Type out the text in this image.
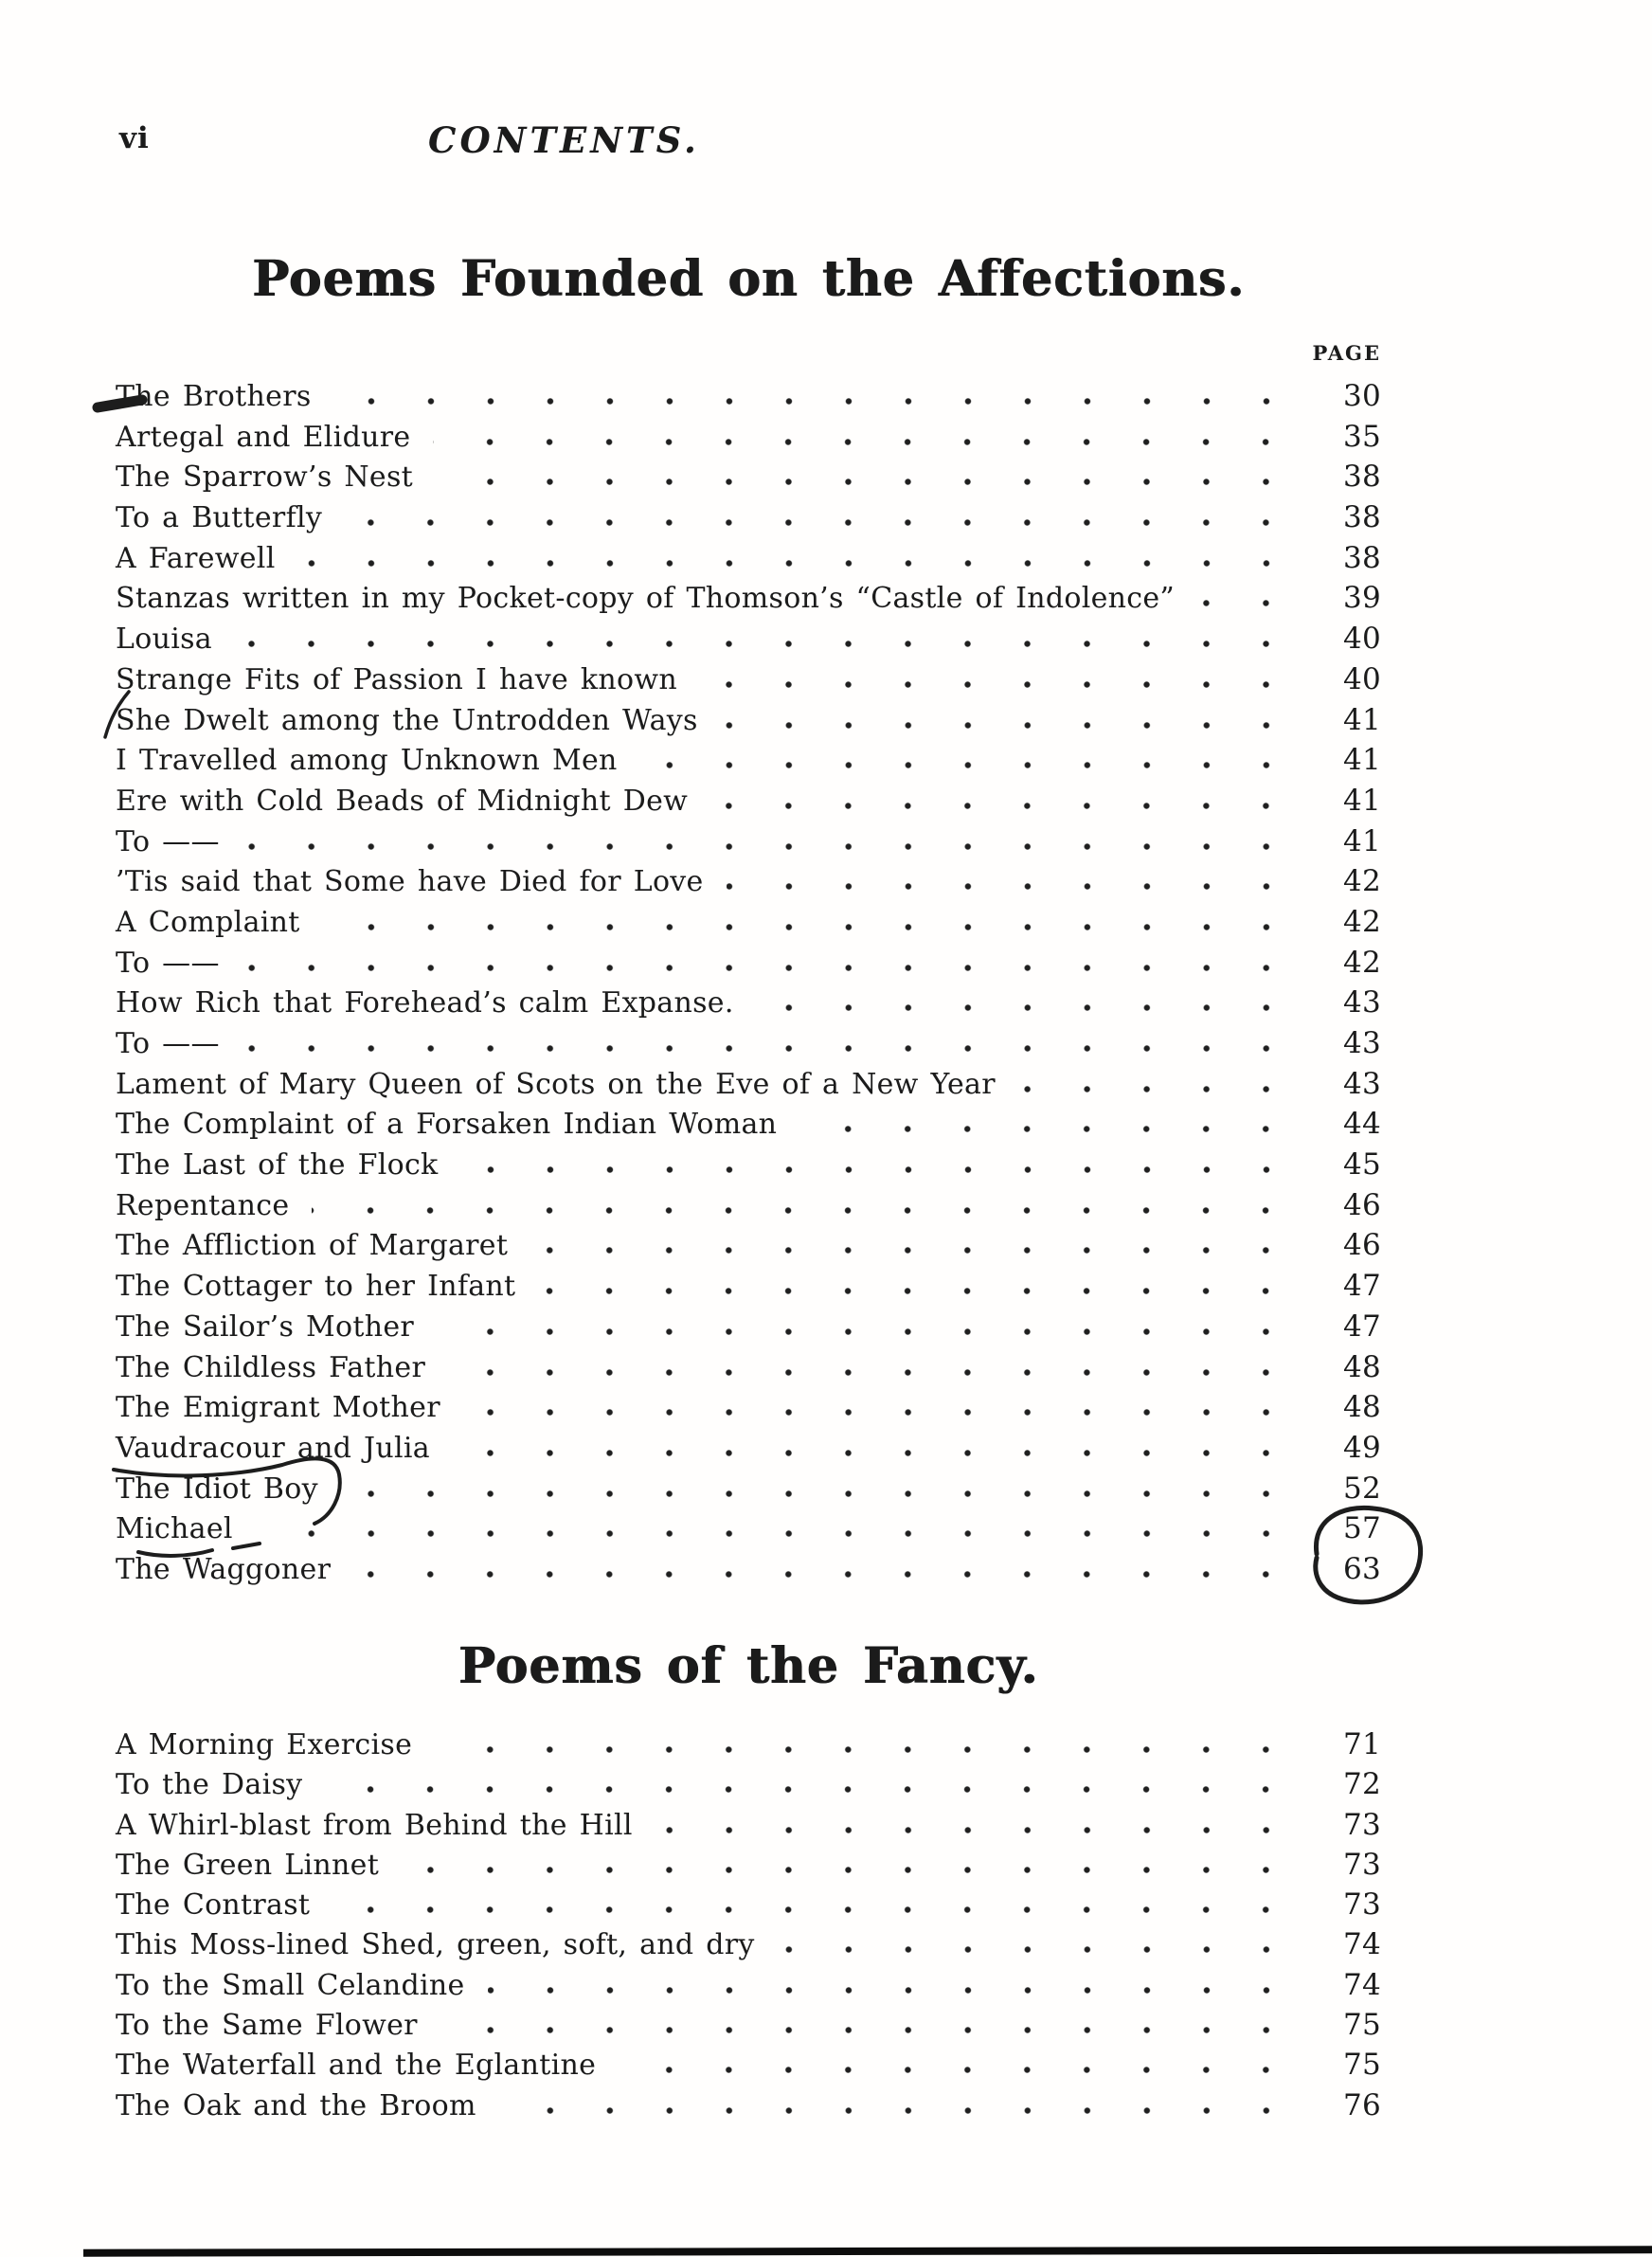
vi	CONTENTS.
Poems Founded on the Affections.
PAGE
The Brothers	30
Artegal and Elidure	35
The Sparrow’s Nest	38
To a Butterfly	38
A Farewell	38
Stanzas written in my Pocket-copy of Thomson’s “Castle of Indolence”	39
Louisa	40
Strange Fits of Passion I have known	40
She Dwelt among the Untrodden Ways	41
I Travelled among Unknown Men	41
Ere with Cold Beads of Midnight Dew	41
To ——	41
’Tis said that Some have Died for Love	42
A Complaint	42
To ——	42
How Rich that Forehead’s calm Expanse.	43
To ——	43
Lament of Mary Queen of Scots on the Eve of a New Year	43
The Complaint of a Forsaken Indian Woman	44
The Last of the Flock	45
Repentance	46
The Affliction of Margaret	46
The Cottager to her Infant	47
The Sailor’s Mother	47
The Childless Father	48
The Emigrant Mother	48
Vaudracour and Julia	49
The Idiot Boy	52
Michael	57
The Waggoner	63
Poems of the Fancy.
A Morning Exercise	71
To the Daisy	72
A Whirl-blast from Behind the Hill	73
The Green Linnet	73
The Contrast	73
This Moss-lined Shed, green, soft, and dry	74
To the Small Celandine	74
To the Same Flower	75
The Waterfall and the Eglantine	75
The Oak and the Broom	76
